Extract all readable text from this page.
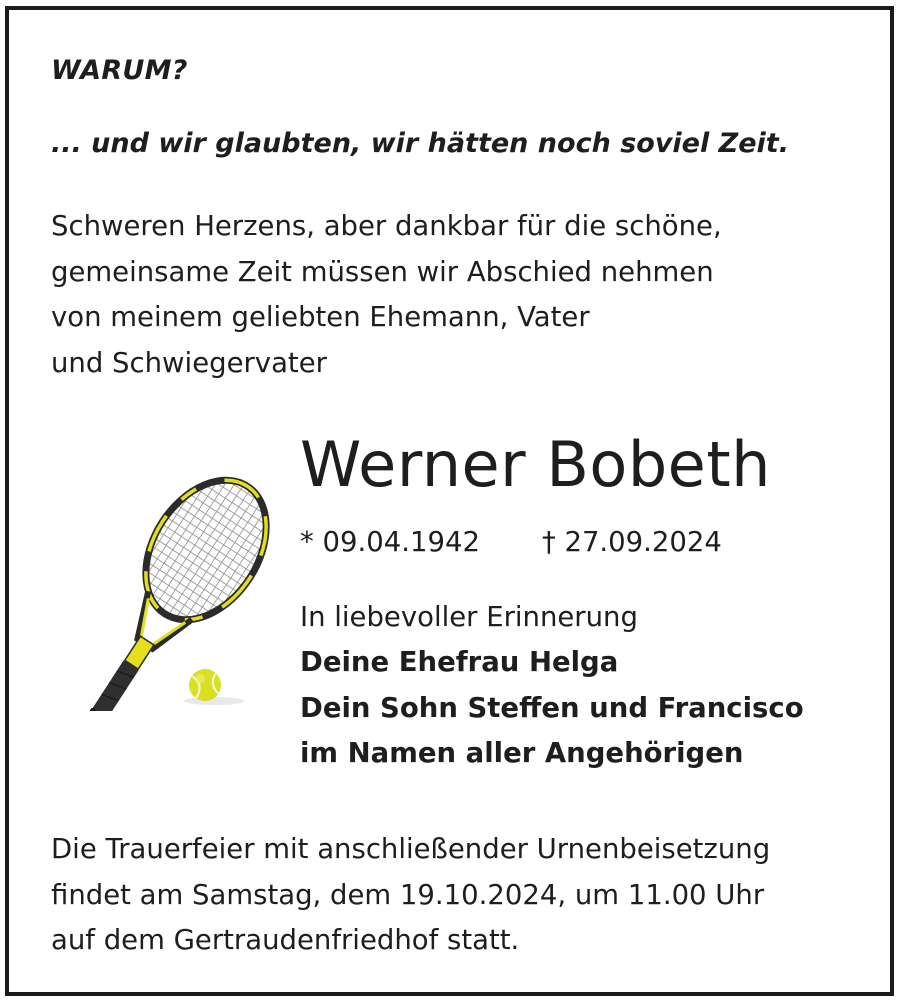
WARUM?

... und wir glaubten, wir hätten noch soviel Zeit.

Schweren Herzens, aber dankbar für die schöne,
gemeinsame Zeit müssen wir Abschied nehmen
von meinem geliebten Ehemann, Vater
und Schwiegervater

Werner Bobeth

* 09.04.1942 † 27.09.2024

In liebevoller Erinnerung

Deine Ehefrau Helga
Dein Sohn Steffen und Francisco
im Namen aller Angehörigen
Die Trauerfeier mit anschließender Urnenbeisetzung
findet am Samstag, dem 19.10.2024, um 11.00 Uhr
auf dem Gertraudenfriedhof statt.
